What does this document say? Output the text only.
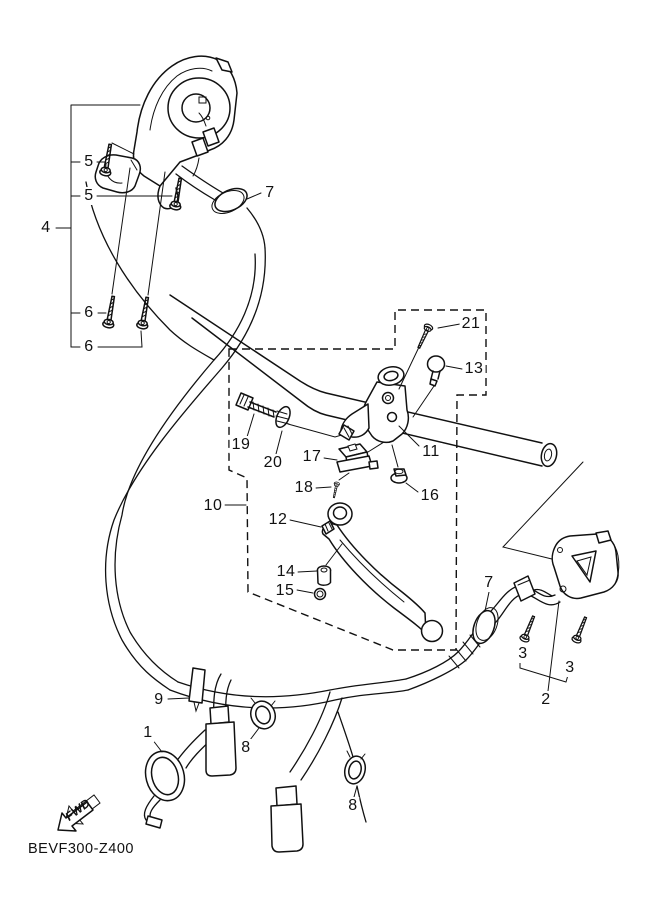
FWD
1
2
3
3
4
5
5
6
6
7
7
8
8
9
10
11
12
13
14
15
16
17
18
19
20
21
BEVF300-Z400
